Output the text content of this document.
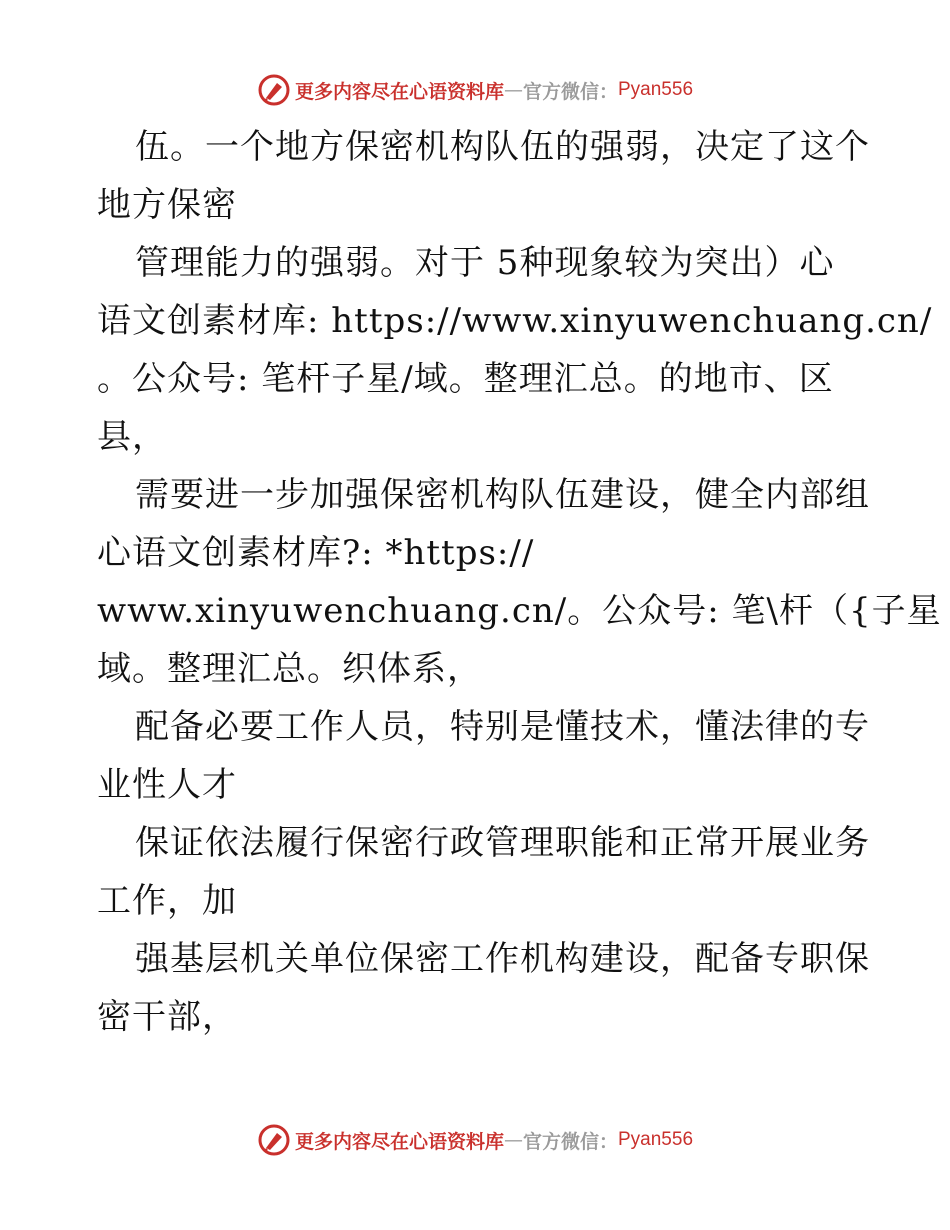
更多内容尽在心语资料库 — 官方微信： Pyan556
伍。一个地方保密机构队伍的强弱，决定了这个
地方保密
管理能力的强弱。对于 5种现象较为突出）心
语文创素材库: https://www.xinyuwenchuang.cn/
。公众号: 笔杆子星/域。整理汇总。的地市、区
县，
需要进一步加强保密机构队伍建设，健全内部组
心语文创素材库?: *https://
www.xinyuwenchuang.cn/。公众号: 笔\杆（{子星
域。整理汇总。织体系，
配备必要工作人员，特别是懂技术，懂法律的专
业性人才
保证依法履行保密行政管理职能和正常开展业务
工作，加
强基层机关单位保密工作机构建设，配备专职保
密干部，
更多内容尽在心语资料库 — 官方微信： Pyan556
